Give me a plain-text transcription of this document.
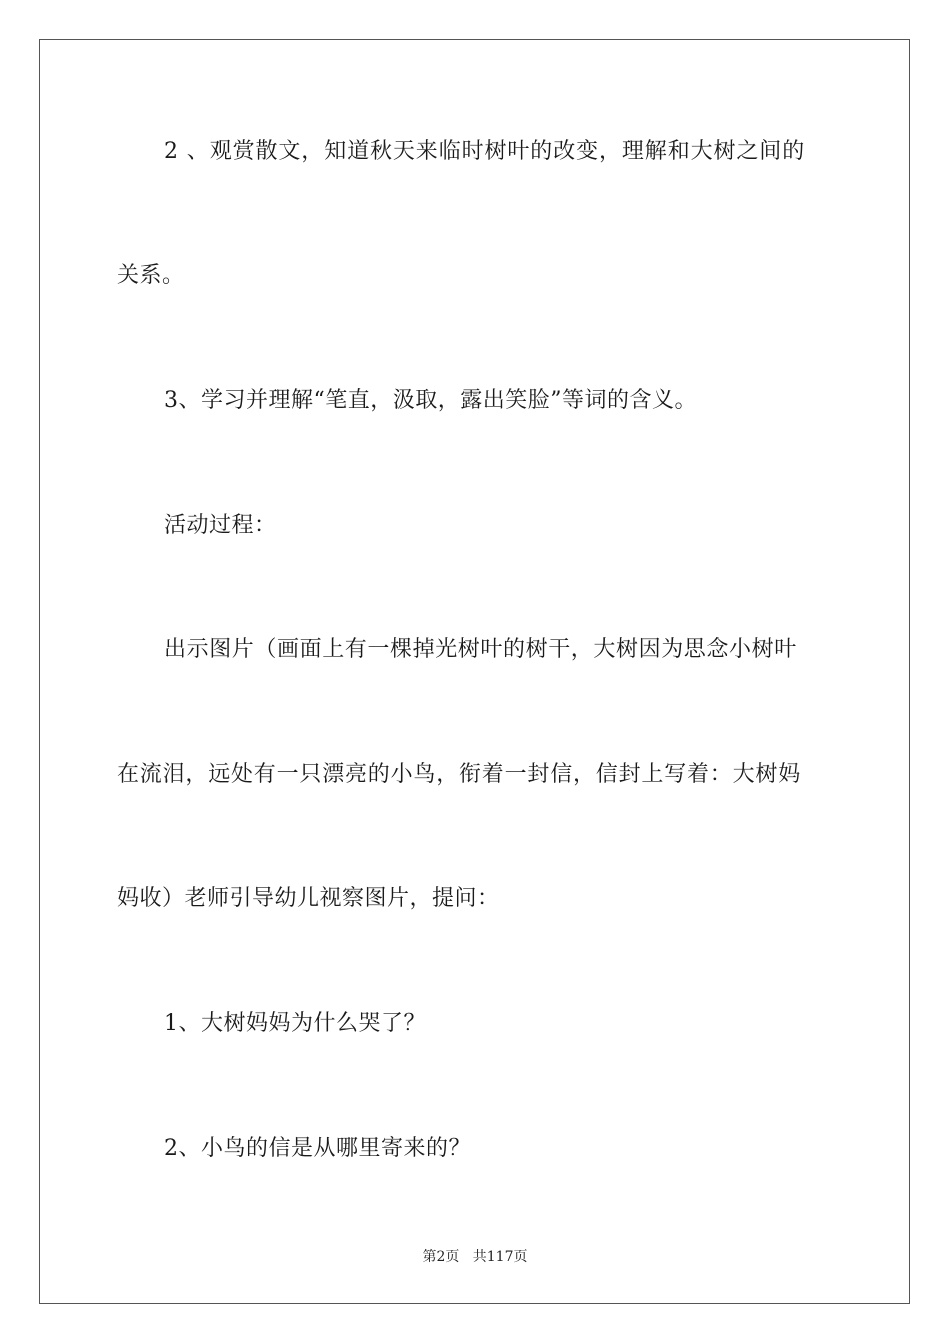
2 、观赏散文，知道秋天来临时树叶的改变，理解和大树之间的
关系。
3、学习并理解“笔直，汲取，露出笑脸”等词的含义。
活动过程：
出示图片（画面上有一棵掉光树叶的树干，大树因为思念小树叶
在流泪，远处有一只漂亮的小鸟，衔着一封信，信封上写着：大树妈
妈收）老师引导幼儿视察图片，提问：
1、大树妈妈为什么哭了？
2、小鸟的信是从哪里寄来的？
第2页 共117页
